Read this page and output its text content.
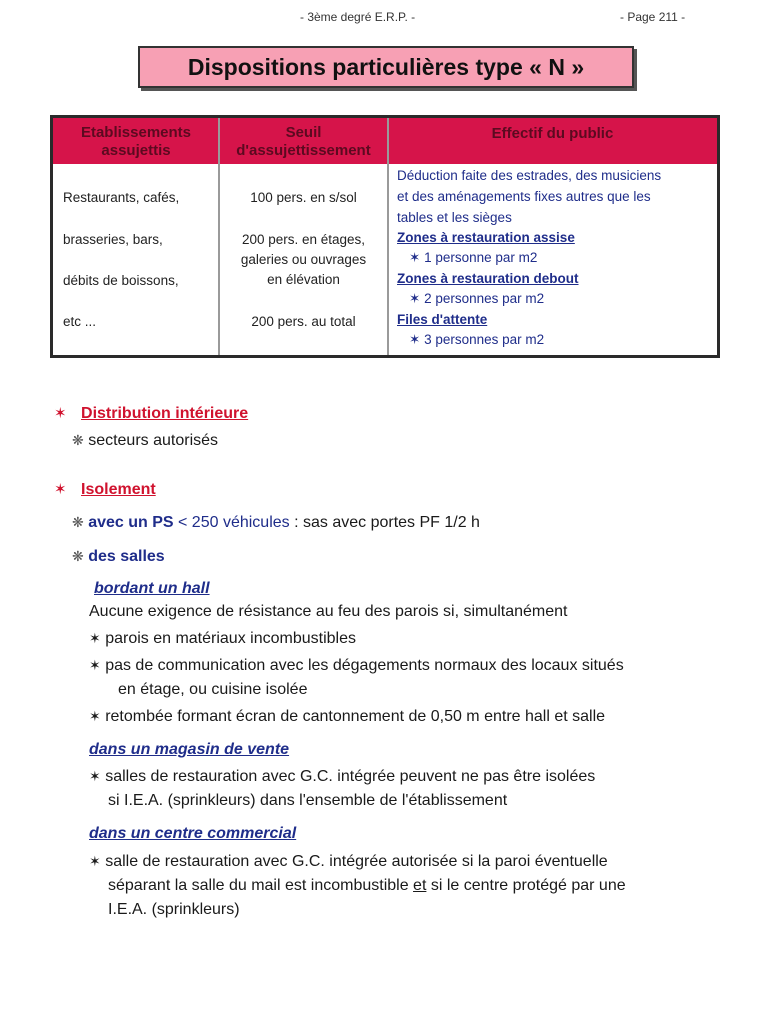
- 3ème degré E.R.P. -	- Page 211 -
Dispositions particulières type « N »
Etablissements assujettis
Seuil d'assujettissement
Effectif du public
Restaurants, cafés,
brasseries, bars,
débits de boissons,
etc ...
100 pers. en s/sol
200 pers. en étages,
galeries ou ouvrages
en élévation
200 pers. au total
Déduction faite des estrades, des musiciens
et des aménagements fixes autres que les
tables et les sièges
Zones à restauration assise
✶ 1 personne par m2
Zones à restauration debout
✶ 2 personnes par m2
Files d'attente
✶ 3 personnes par m2
✶ Distribution intérieure
❋ secteurs autorisés
✶ Isolement
❋ avec un PS < 250 véhicules : sas avec portes PF 1/2 h
❋ des salles
bordant un hall
Aucune exigence de résistance au feu des parois si, simultanément
✶ parois en matériaux incombustibles
✶ pas de communication avec les dégagements normaux des locaux situés
en étage, ou cuisine isolée
✶ retombée formant écran de cantonnement de 0,50 m entre hall et salle
dans un magasin de vente
✶ salles de restauration avec G.C. intégrée peuvent ne pas être isolées
si I.E.A. (sprinkleurs) dans l'ensemble de l'établissement
dans un centre commercial
✶ salle de restauration avec G.C. intégrée autorisée si la paroi éventuelle
séparant la salle du mail est incombustible et si le centre protégé par une
I.E.A. (sprinkleurs)
